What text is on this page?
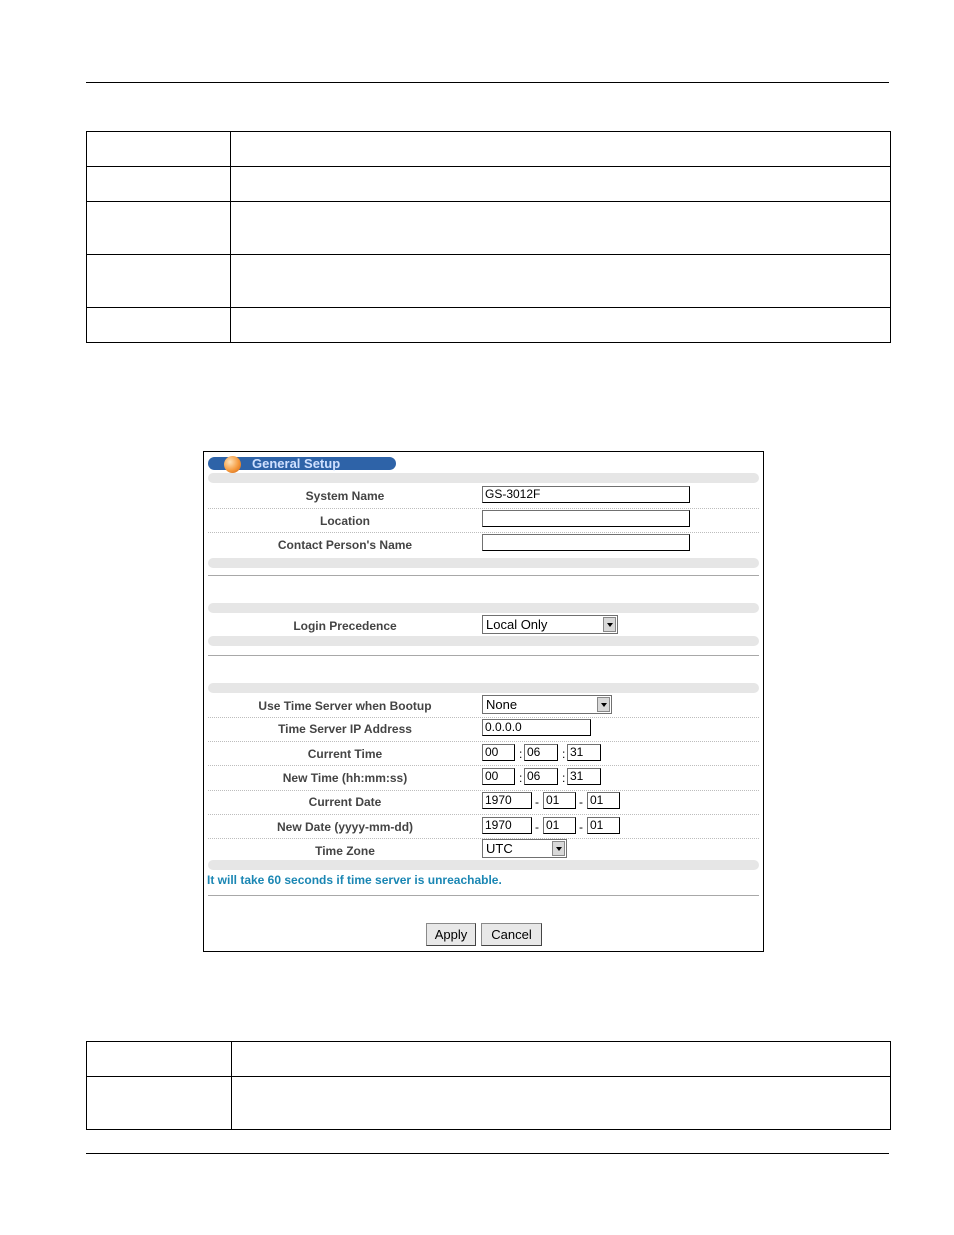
General Setup
System Name	GS-3012F
Location
Contact Person's Name
Login Precedence	Local Only
Use Time Server when Bootup	None
Time Server IP Address	0.0.0.0
Current Time	00	: 06	: 31
New Time (hh:mm:ss)	00	: 06	: 31
Current Date	1970	- 01	- 01
New Date (yyyy-mm-dd)	1970	- 01	- 01
Time Zone	UTC
It will take 60 seconds if time server is unreachable.
Apply	Cancel
